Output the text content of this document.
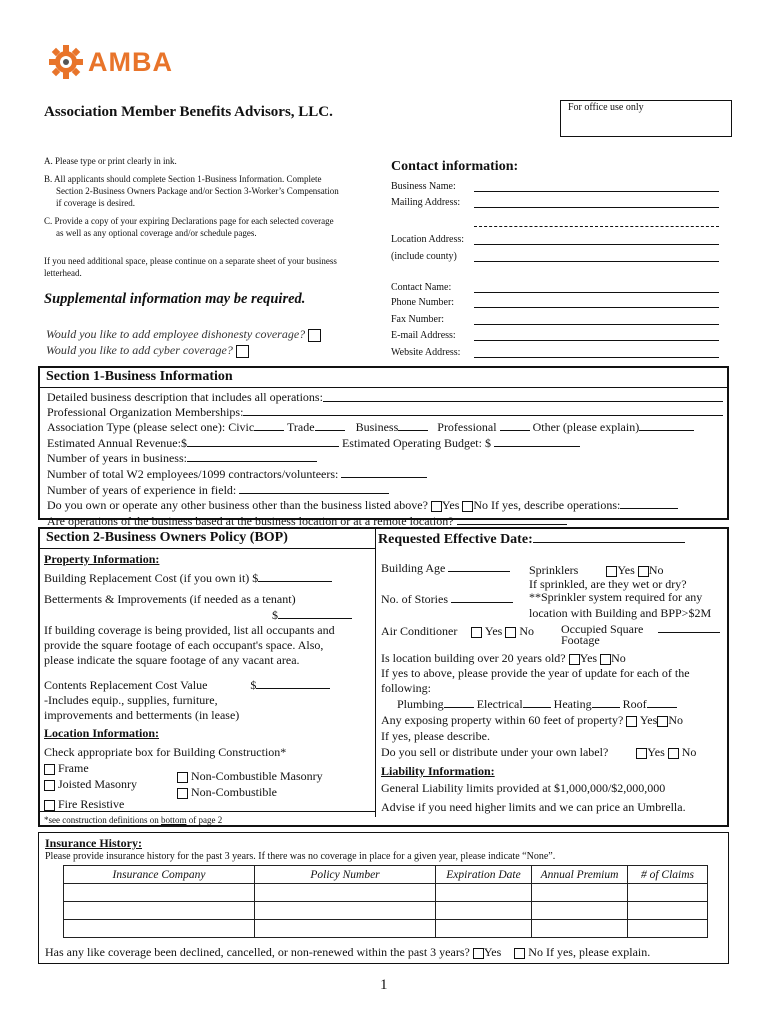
AMBA
Association Member Benefits Advisors, LLC.	For office use only
A. Please type or print clearly in ink.
B. All applicants should complete Section 1-Business Information. Complete
Section 2-Business Owners Package and/or Section 3-Worker’s Compensation
if coverage is desired.
C. Provide a copy of your expiring Declarations page for each selected coverage
as well as any optional coverage and/or schedule pages.
If you need additional space, please continue on a separate sheet of your business
letterhead.
Supplemental information may be required.
Would you like to add employee dishonesty coverage?
Would you like to add cyber coverage?
Contact information:
Business Name:
Mailing Address:
Location Address:
(include county)
Contact Name:
Phone Number:
Fax Number:
E-mail Address:
Website Address:
Section 1-Business Information
Detailed business description that includes all operations:
Professional Organization Memberships:
Association Type (please select one): Civic	Trade	Business	Professional	Other (please explain)
Estimated Annual Revenue:$	Estimated Operating Budget: $
Number of years in business:
Number of total W2 employees/1099 contractors/volunteers:
Number of years of experience in field:
Do you own or operate any other business other than the business listed above? Yes No If yes, describe operations:
Are operations of the business based at the business location or at a remote location?
Section 2-Business Owners Policy (BOP)	Requested Effective Date:
Property Information:
Building Replacement Cost (if you own it) $
Betterments & Improvements (if needed as a tenant)
$
If building coverage is being provided, list all occupants and
provide the square footage of each occupant's space. Also,
please indicate the square footage of any vacant area.
Contents Replacement Cost Value	$
-Includes equip., supplies, furniture,
improvements and betterments (in lease)
Location Information:
Check appropriate box for Building Construction*
Frame
Joisted Masonry
Fire Resistive
Non-Combustible Masonry
Non-Combustible
*see construction definitions on bottom of page 2
Building Age	Sprinklers	Yes No
If sprinkled, are they wet or dry?
**Sprinkler system required for any
location with Building and BPP>$2M
No. of Stories
Air Conditioner Yes No Occupied Square
Footage
Is location building over 20 years old? Yes No
If yes to above, please provide the year of update for each of the
following:
Plumbing	Electrical	Heating	Roof
Any exposing property within 60 feet of property? Yes No
If yes, please describe.
Do you sell or distribute under your own label?	Yes No
Liability Information:
General Liability limits provided at $1,000,000/$2,000,000
Advise if you need higher limits and we can price an Umbrella.
Insurance History:
Please provide insurance history for the past 3 years. If there was no coverage in place for a given year, please indicate “None”.
Insurance Company	Policy Number	Expiration Date	Annual Premium	# of Claims

Has any like coverage been declined, cancelled, or non-renewed within the past 3 years? Yes No If yes, please explain.
1
